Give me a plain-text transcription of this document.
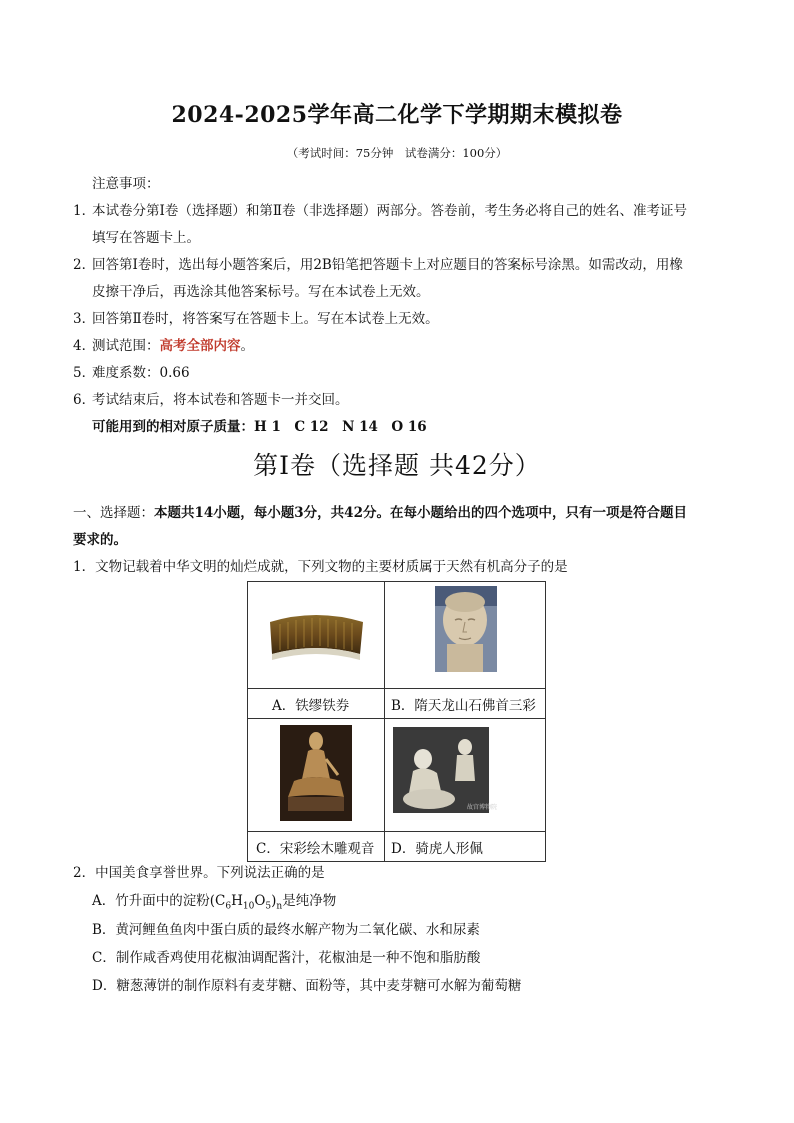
2024-2025学年高二化学下学期期末模拟卷
（考试时间：75分钟　试卷满分：100分）
注意事项：
1．
本试卷分第Ⅰ卷（选择题）和第Ⅱ卷（非选择题）两部分。答卷前，考生务必将自己的姓名、准考证号
填写在答题卡上。
2．
回答第Ⅰ卷时，选出每小题答案后，用2B铅笔把答题卡上对应题目的答案标号涂黑。如需改动，用橡
皮擦干净后，再选涂其他答案标号。写在本试卷上无效。
3．
回答第Ⅱ卷时，将答案写在答题卡上。写在本试卷上无效。
4．
测试范围：高考全部内容。
5．
难度系数：0.66
6．
考试结束后，将本试卷和答题卡一并交回。
可能用到的相对原子质量：H 1　C 12　N 14　O 16
第Ⅰ卷（选择题 共42分）
一、选择题：本题共14小题，每小题3分，共42分。在每小题给出的四个选项中，只有一项是符合题目
要求的。
1．文物记载着中华文明的灿烂成就，下列文物的主要材质属于天然有机高分子的是

A．铁缪铁券	B．隋天龙山石佛首三彩

故宫博物院

C．宋彩绘木雕观音	D．骑虎人形佩
2．中国美食享誉世界。下列说法正确的是
A．竹升面中的淀粉$(C_6H_{10}O_5)_n$是纯净物
B．黄河鲤鱼鱼肉中蛋白质的最终水解产物为二氧化碳、水和尿素
C．制作咸香鸡使用花椒油调配酱汁，花椒油是一种不饱和脂肪酸
D．糖葱薄饼的制作原料有麦芽糖、面粉等，其中麦芽糖可水解为葡萄糖
